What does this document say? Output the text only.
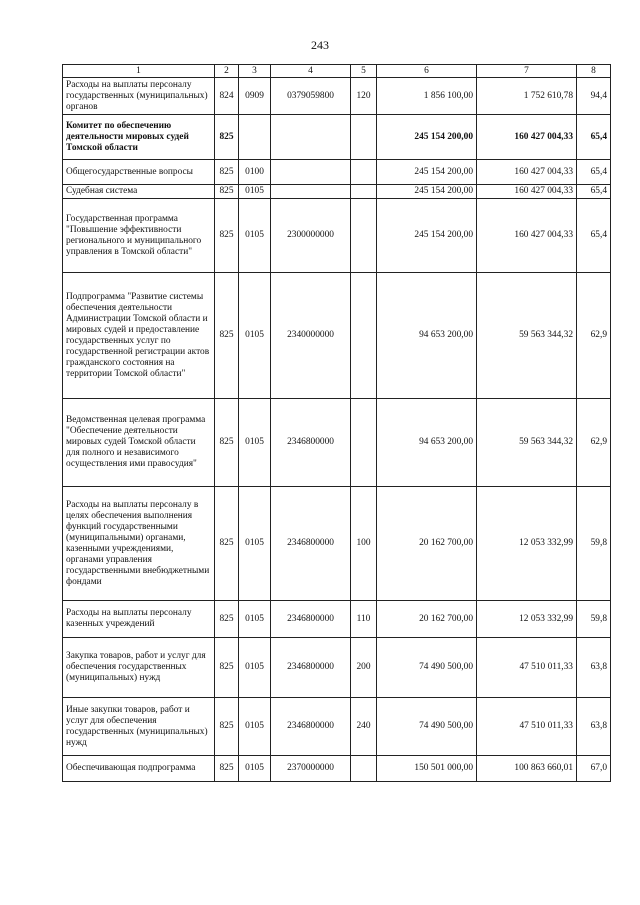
243
1	2	3	4	5	6	7	8
Расходы на выплаты персоналу государственных (муниципальных) органов	824	0909	0379059800	120	1 856 100,00	1 752 610,78	94,4
Комитет по обеспечению деятельности мировых судей Томской области	825				245 154 200,00	160 427 004,33	65,4
Общегосударственные вопросы	825	0100			245 154 200,00	160 427 004,33	65,4
Судебная система	825	0105			245 154 200,00	160 427 004,33	65,4
Государственная программа "Повышение эффективности регионального и муниципального управления в Томской области"	825	0105	2300000000		245 154 200,00	160 427 004,33	65,4
Подпрограмма "Развитие системы обеспечения деятельности Администрации Томской области и мировых судей и предоставление государственных услуг по государственной регистрации актов гражданского состояния на территории Томской области"	825	0105	2340000000		94 653 200,00	59 563 344,32	62,9
Ведомственная целевая программа "Обеспечение деятельности мировых судей Томской области для полного и независимого осуществления ими правосудия"	825	0105	2346800000		94 653 200,00	59 563 344,32	62,9
Расходы на выплаты персоналу в целях обеспечения выполнения функций государственными (муниципальными) органами, казенными учреждениями, органами управления государственными внебюджетными фондами	825	0105	2346800000	100	20 162 700,00	12 053 332,99	59,8
Расходы на выплаты персоналу казенных учреждений	825	0105	2346800000	110	20 162 700,00	12 053 332,99	59,8
Закупка товаров, работ и услуг для обеспечения государственных (муниципальных) нужд	825	0105	2346800000	200	74 490 500,00	47 510 011,33	63,8
Иные закупки товаров, работ и услуг для обеспечения государственных (муниципальных) нужд	825	0105	2346800000	240	74 490 500,00	47 510 011,33	63,8
Обеспечивающая подпрограмма	825	0105	2370000000		150 501 000,00	100 863 660,01	67,0
